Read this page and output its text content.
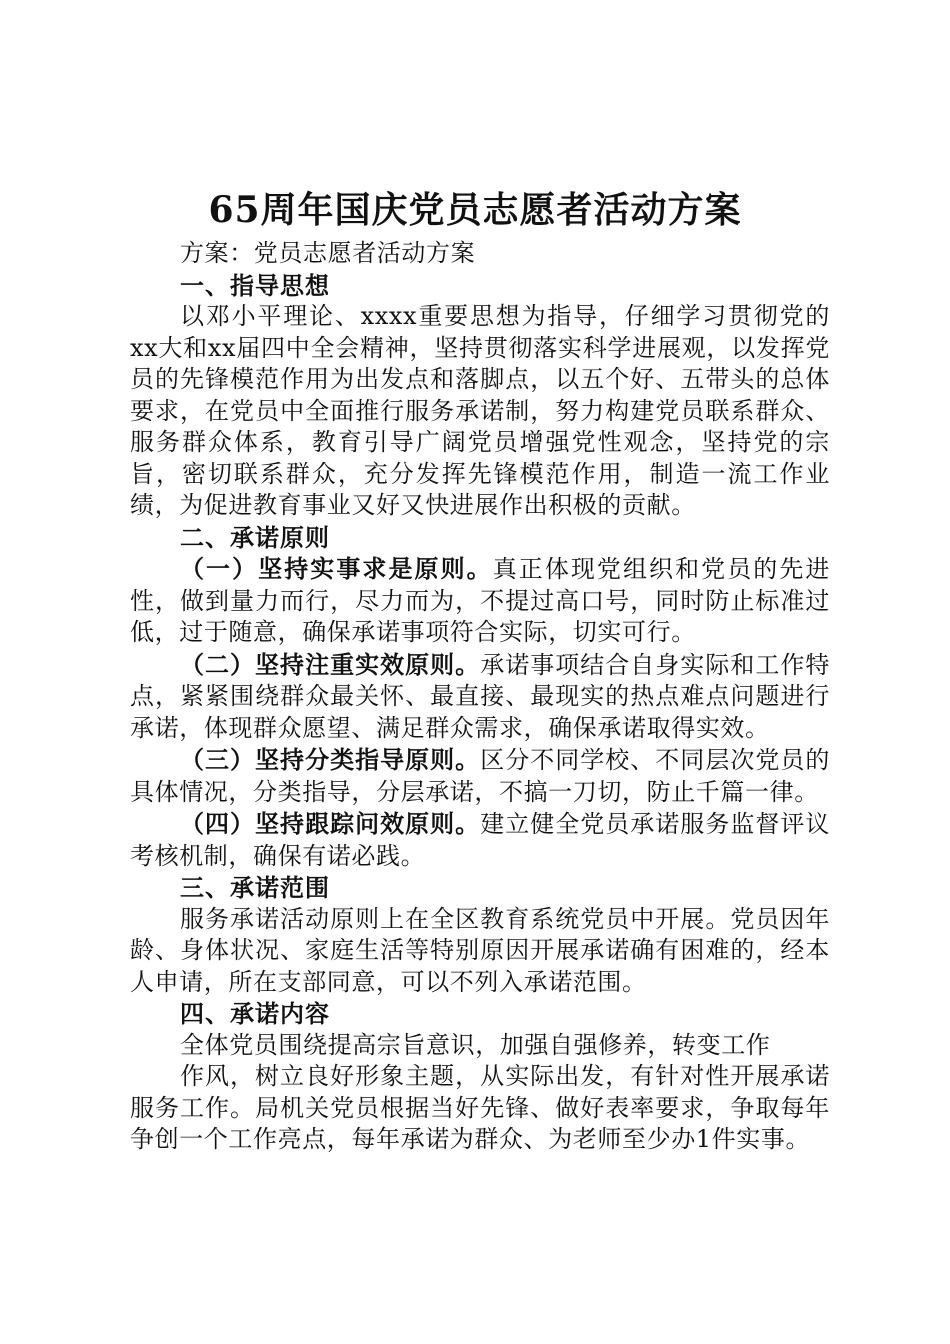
65周年国庆党员志愿者活动方案

方案：党员志愿者活动方案

一、指导思想

以邓小平理论、xxxx重要思想为指导，仔细学习贯彻党的xx大和xx届四中全会精神，坚持贯彻落实科学进展观，以发挥党员的先锋模范作用为出发点和落脚点，以五个好、五带头的总体要求，在党员中全面推行服务承诺制，努力构建党员联系群众、服务群众体系，教育引导广阔党员增强党性观念，坚持党的宗旨，密切联系群众，充分发挥先锋模范作用，制造一流工作业绩，为促进教育事业又好又快进展作出积极的贡献。

二、承诺原则

（一）坚持实事求是原则。真正体现党组织和党员的先进性，做到量力而行，尽力而为，不提过高口号，同时防止标准过低，过于随意，确保承诺事项符合实际，切实可行。

（二）坚持注重实效原则。承诺事项结合自身实际和工作特点，紧紧围绕群众最关怀、最直接、最现实的热点难点问题进行承诺，体现群众愿望、满足群众需求，确保承诺取得实效。

（三）坚持分类指导原则。区分不同学校、不同层次党员的具体情况，分类指导，分层承诺，不搞一刀切，防止千篇一律。

（四）坚持跟踪问效原则。建立健全党员承诺服务监督评议考核机制，确保有诺必践。

三、承诺范围

服务承诺活动原则上在全区教育系统党员中开展。党员因年龄、身体状况、家庭生活等特别原因开展承诺确有困难的，经本人申请，所在支部同意，可以不列入承诺范围。

四、承诺内容

全体党员围绕提高宗旨意识，加强自强修养，转变工作
作风，树立良好形象主题，从实际出发，有针对性开展承诺服务工作。局机关党员根据当好先锋、做好表率要求，争取每年争创一个工作亮点，每年承诺为群众、为老师至少办1件实事。
